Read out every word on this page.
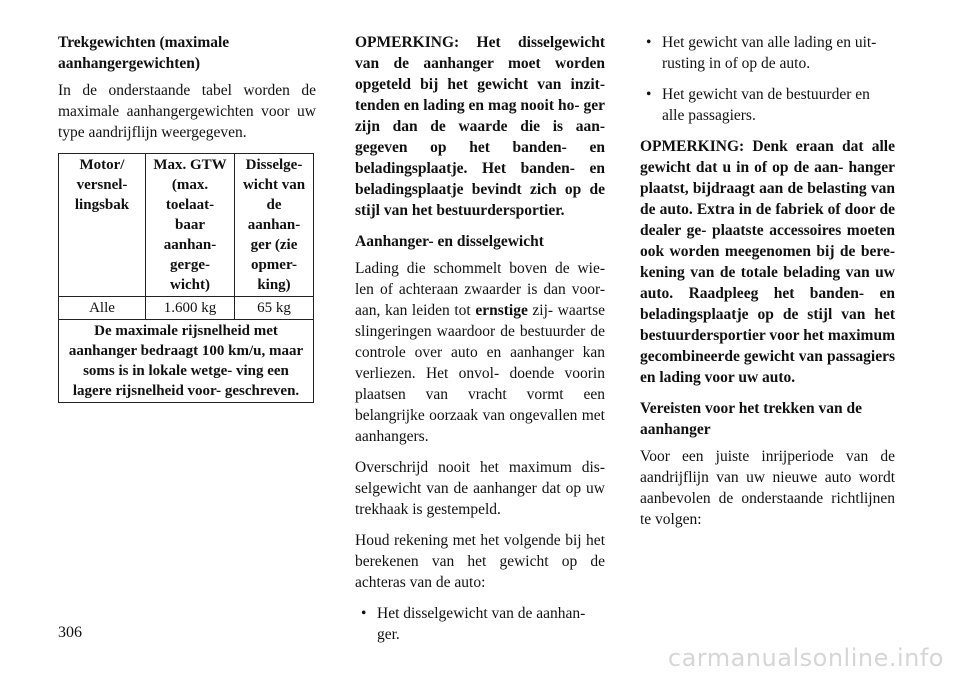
Trekgewichten (maximale aanhangergewichten)

In de onderstaande tabel worden de maximale aanhangergewichten voor uw type aandrijflijn weergegeven.

Motor/ versnel- lingsbak	Max. GTW (max. toelaat- baar aanhan- gerge- wicht)	Disselge- wicht van de aanhan- ger (zie opmer- king)
Alle	1.600 kg	65 kg
De maximale rijsnelheid met aanhanger bedraagt 100 km/u, maar soms is in lokale wetge- ving een lagere rijsnelheid voor- geschreven.		
OPMERKING: Het disselgewicht van de aanhanger moet worden opgeteld bij het gewicht van inzit- tenden en lading en mag nooit ho- ger zijn dan de waarde die is aan- gegeven op het banden- en beladingsplaatje. Het banden- en beladingsplaatje bevindt zich op de stijl van het bestuurdersportier.
Aanhanger- en disselgewicht

Lading die schommelt boven de wie- len of achteraan zwaarder is dan voor- aan, kan leiden tot ernstige zij- waartse slingeringen waardoor de bestuurder de controle over auto en aanhanger kan verliezen. Het onvol- doende voorin plaatsen van vracht vormt een belangrijke oorzaak van ongevallen met aanhangers.

Overschrijd nooit het maximum dis- selgewicht van de aanhanger dat op uw trekhaak is gestempeld.

Houd rekening met het volgende bij het berekenen van het gewicht op de achteras van de auto:

• Het disselgewicht van de aanhan- ger.
• Het gewicht van alle lading en uit- rusting in of op de auto.
• Het gewicht van de bestuurder en alle passagiers.
OPMERKING: Denk eraan dat alle gewicht dat u in of op de aan- hanger plaatst, bijdraagt aan de belasting van de auto. Extra in de fabriek of door de dealer ge- plaatste accessoires moeten ook worden meegenomen bij de bere- kening van de totale belading van uw auto. Raadpleeg het banden- en beladingsplaatje op de stijl van het bestuurdersportier voor het maximum gecombineerde gewicht van passagiers en lading voor uw auto.
Vereisten voor het trekken van de aanhanger

Voor een juiste inrijperiode van de aandrijflijn van uw nieuwe auto wordt aanbevolen de onderstaande richtlijnen te volgen:

306
carmanualsonline.info
